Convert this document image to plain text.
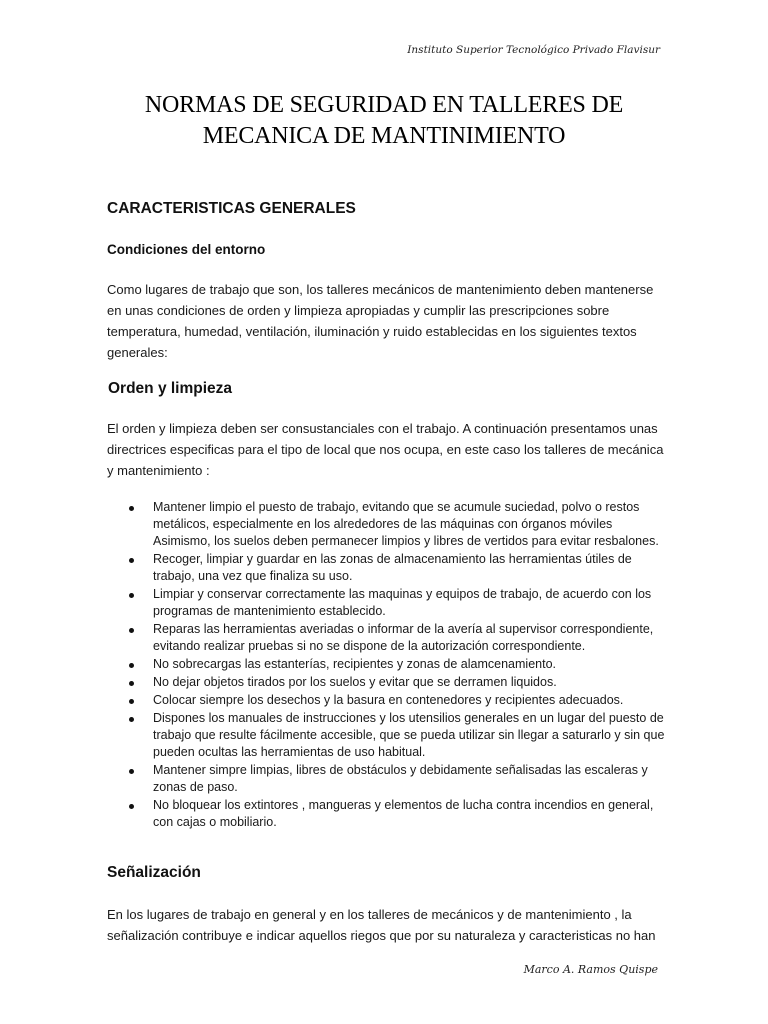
Instituto Superior Tecnológico Privado Flavisur
NORMAS DE SEGURIDAD EN TALLERES DE
MECANICA DE MANTINIMIENTO
CARACTERISTICAS GENERALES
Condiciones del entorno

Como lugares de trabajo que son, los talleres mecánicos de mantenimiento deben mantenerse en unas condiciones de orden y limpieza apropiadas y cumplir las prescripciones sobre temperatura, humedad, ventilación, iluminación y ruido establecidas en los siguientes textos generales:

Orden y limpieza

El orden y limpieza deben ser consustanciales con el trabajo. A continuación presentamos unas directrices especificas para el tipo de local que nos ocupa, en este caso los talleres de mecánica y mantenimiento :

Mantener limpio el puesto de trabajo, evitando que se acumule suciedad, polvo o restos metálicos, especialmente en los alrededores de las máquinas con órganos móviles Asimismo, los suelos deben permanecer limpios y libres de vertidos para evitar resbalones.
Recoger, limpiar y guardar en las zonas de almacenamiento las herramientas útiles de trabajo, una vez que finaliza su uso.
Limpiar y conservar correctamente las maquinas y equipos de trabajo, de acuerdo con los programas de mantenimiento establecido.
Reparas las herramientas averiadas o informar de la avería al supervisor correspondiente, evitando realizar pruebas si no se dispone de la autorización correspondiente.
No sobrecargas las estanterías, recipientes y zonas de alamcenamiento.
No dejar objetos tirados por los suelos y evitar que se derramen liquidos.
Colocar siempre los desechos y la basura en contenedores y recipientes adecuados.
Dispones los manuales de instrucciones y los utensilios generales en un lugar del puesto de trabajo que resulte fácilmente accesible, que se pueda utilizar sin llegar a saturarlo y sin que pueden ocultas las herramientas de uso habitual.
Mantener simpre limpias, libres de obstáculos y debidamente señalisadas las escaleras y zonas de paso.
No bloquear los extintores , mangueras y elementos de lucha contra incendios en general, con cajas o mobiliario.
Señalización

En los lugares de trabajo en general y en los talleres de mecánicos y de mantenimiento , la señalización contribuye e indicar aquellos riegos que por su naturaleza y caracteristicas no han

Marco A. Ramos Quispe
